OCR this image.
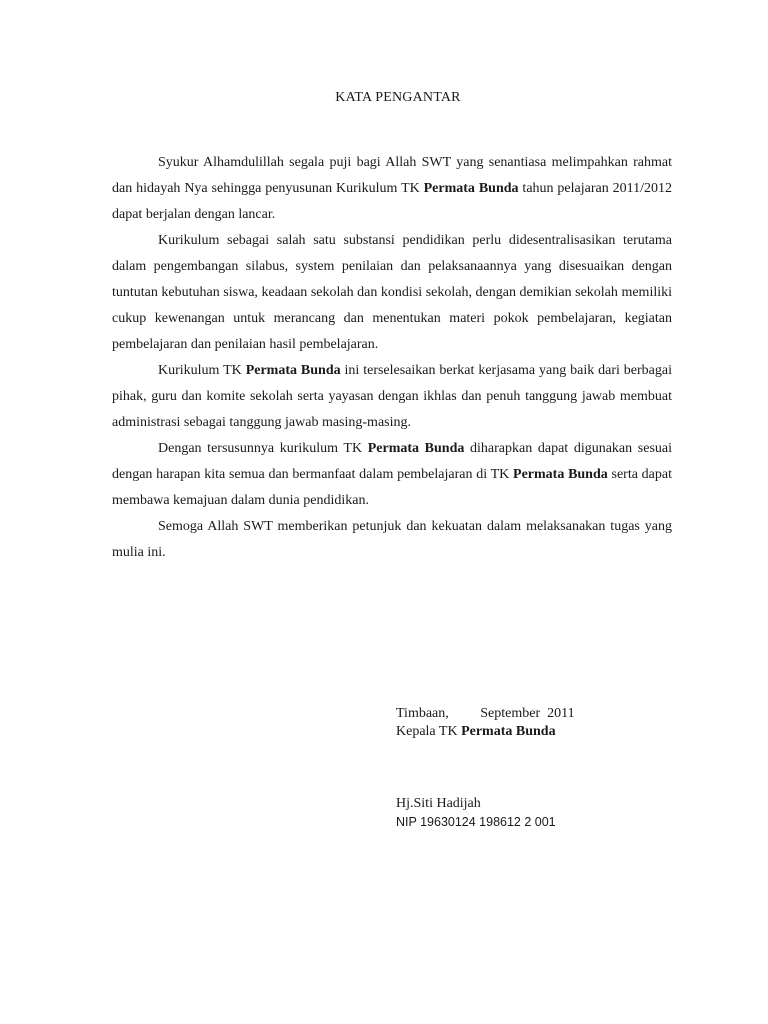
KATA PENGANTAR

Syukur Alhamdulillah segala puji bagi Allah SWT yang senantiasa melimpahkan rahmat dan hidayah Nya sehingga penyusunan Kurikulum TK Permata Bunda tahun pelajaran 2011/2012 dapat berjalan dengan lancar.

Kurikulum sebagai salah satu substansi pendidikan perlu didesentralisasikan terutama dalam pengembangan silabus, system penilaian dan pelaksanaannya yang disesuaikan dengan tuntutan kebutuhan siswa, keadaan sekolah dan kondisi sekolah, dengan demikian sekolah memiliki cukup kewenangan untuk merancang dan menentukan materi pokok pembelajaran, kegiatan pembelajaran dan penilaian hasil pembelajaran.

Kurikulum TK Permata Bunda ini terselesaikan berkat kerjasama yang baik dari berbagai pihak, guru dan komite sekolah serta yayasan dengan ikhlas dan penuh tanggung jawab membuat administrasi sebagai tanggung jawab masing-masing.

Dengan tersusunnya kurikulum TK Permata Bunda diharapkan dapat digunakan sesuai dengan harapan kita semua dan bermanfaat dalam pembelajaran di TK Permata Bunda serta dapat membawa kemajuan dalam dunia pendidikan.

Semoga Allah SWT memberikan petunjuk dan kekuatan dalam melaksanakan tugas yang mulia ini.

Timbaan,         September  2011
Kepala TK Permata Bunda
Hj.Siti Hadijah
NIP 19630124 198612 2 001
